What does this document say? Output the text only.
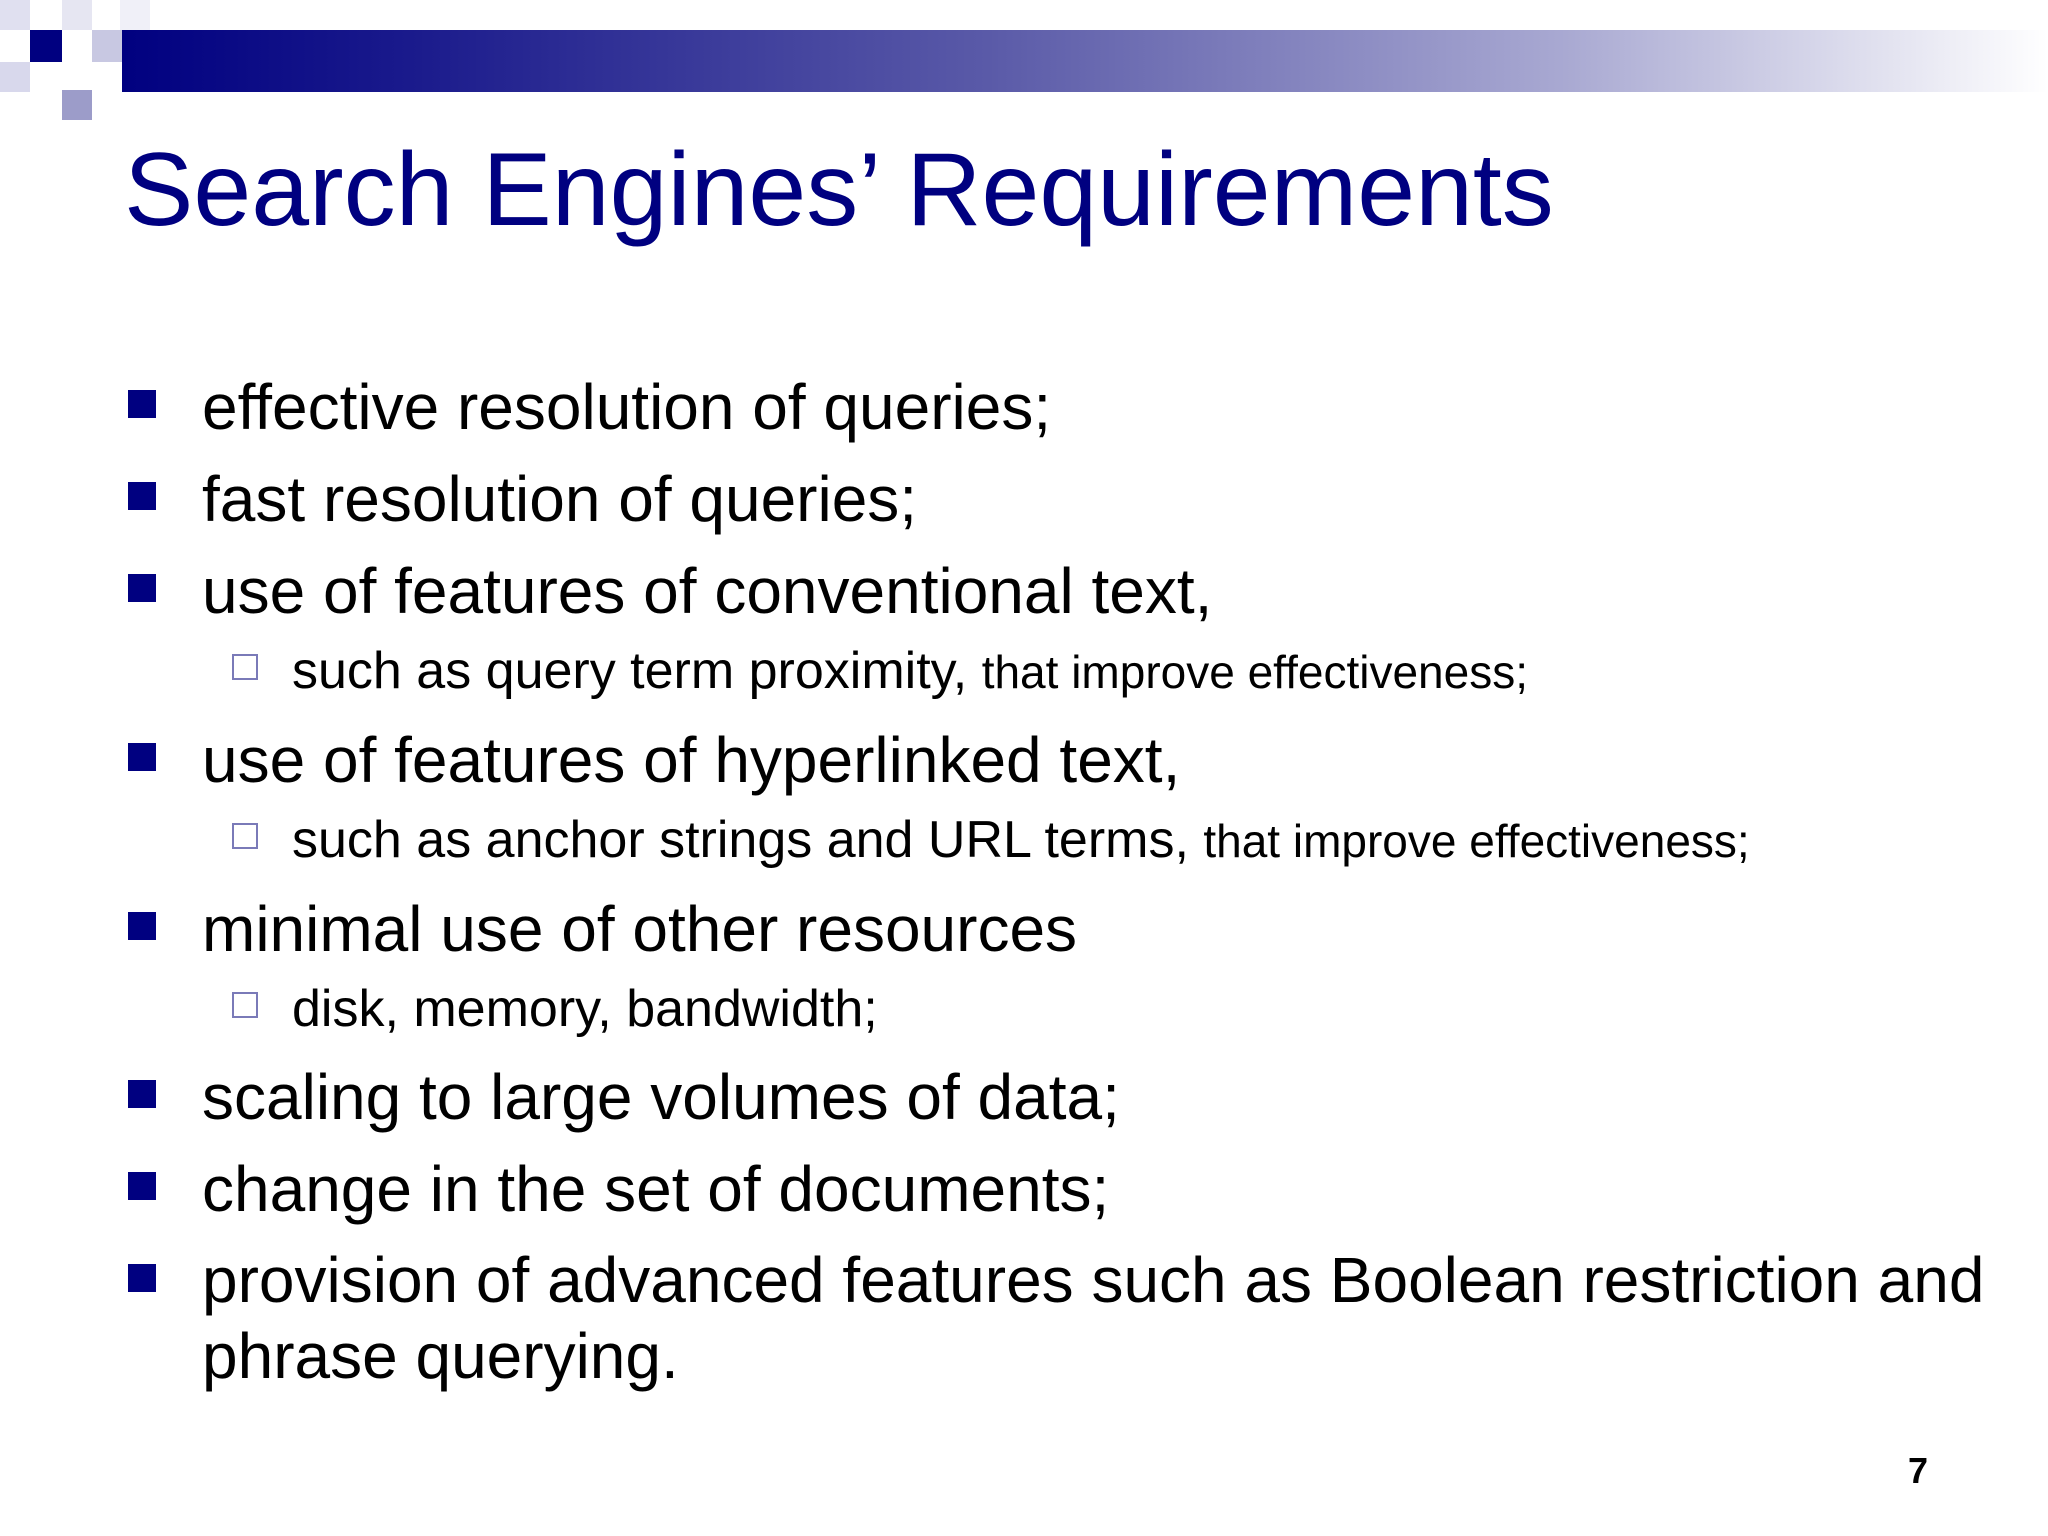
Search Engines’ Requirements
effective resolution of queries;
fast resolution of queries;
use of features of conventional text,
such as query term proximity, that improve effectiveness;
use of features of hyperlinked text,
such as anchor strings and URL terms, that improve effectiveness;
minimal use of other resources
disk, memory, bandwidth;
scaling to large volumes of data;
change in the set of documents;
provision of advanced features such as Boolean restriction and phrase querying.
7
